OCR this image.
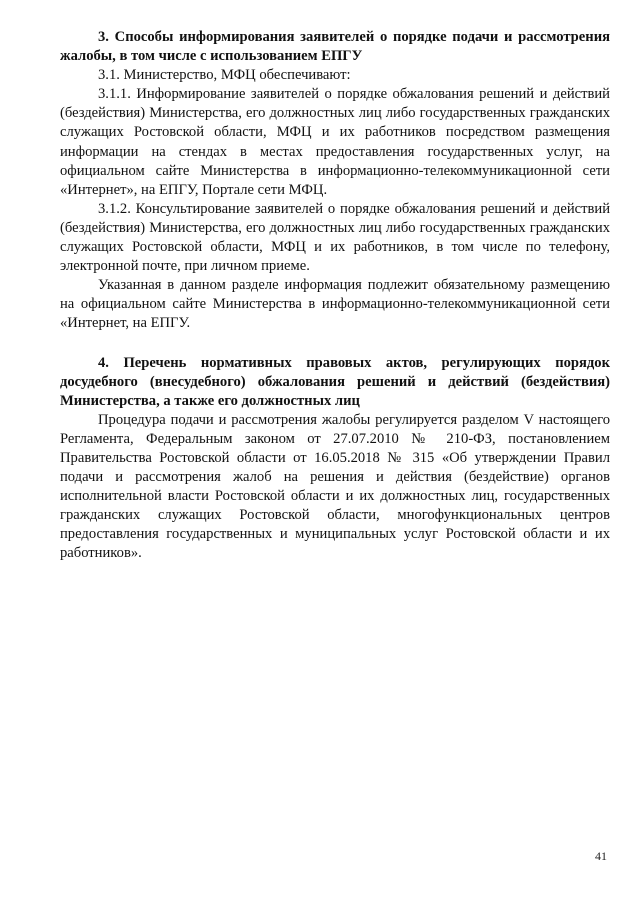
3. Способы информирования заявителей о порядке подачи и рассмотрения жалобы, в том числе с использованием ЕПГУ

3.1. Министерство, МФЦ обеспечивают:

3.1.1. Информирование заявителей о порядке обжалования решений и действий (бездействия) Министерства, его должностных лиц либо государственных гражданских служащих Ростовской области, МФЦ и их работников посредством размещения информации на стендах в местах предоставления государственных услуг, на официальном сайте Министерства в информационно-телекоммуникационной сети «Интернет», на ЕПГУ, Портале сети МФЦ.

3.1.2. Консультирование заявителей о порядке обжалования решений и действий (бездействия) Министерства, его должностных лиц либо государственных гражданских служащих Ростовской области, МФЦ и их работников, в том числе по телефону, электронной почте, при личном приеме.

Указанная в данном разделе информация подлежит обязательному размещению на официальном сайте Министерства в информационно-телекоммуникационной сети «Интернет, на ЕПГУ.

4. Перечень нормативных правовых актов, регулирующих порядок досудебного (внесудебного) обжалования решений и действий (бездействия) Министерства, а также его должностных лиц

Процедура подачи и рассмотрения жалобы регулируется разделом V настоящего Регламента, Федеральным законом от 27.07.2010 № 210-ФЗ, постановлением Правительства Ростовской области от 16.05.2018 № 315 «Об утверждении Правил подачи и рассмотрения жалоб на решения и действия (бездействие) органов исполнительной власти Ростовской области и их должностных лиц, государственных гражданских служащих Ростовской области, многофункциональных центров предоставления государственных и муниципальных услуг Ростовской области и их работников».

41
